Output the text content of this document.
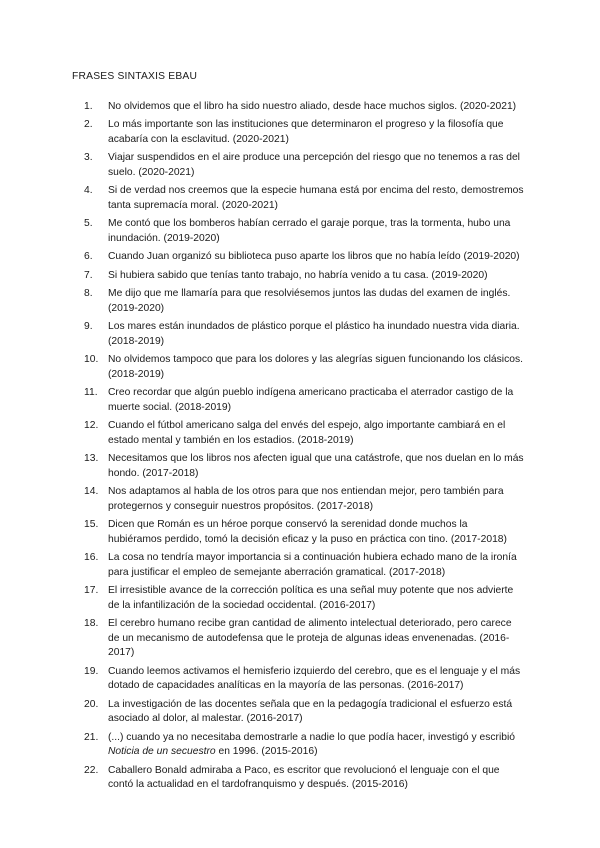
FRASES SINTAXIS EBAU
1.	No olvidemos que el libro ha sido nuestro aliado, desde hace muchos siglos. (2020-2021)
2.	Lo más importante son las instituciones que determinaron el progreso y la filosofía que acabaría con la esclavitud. (2020-2021)
3.	Viajar suspendidos en el aire produce una percepción del riesgo que no tenemos a ras del suelo. (2020-2021)
4.	Si de verdad nos creemos que la especie humana está por encima del resto, demostremos tanta supremacía moral. (2020-2021)
5.	Me contó que los bomberos habían cerrado el garaje porque, tras la tormenta, hubo una inundación. (2019-2020)
6.	Cuando Juan organizó su biblioteca puso aparte los libros que no había leído (2019-2020)
7.	Si hubiera sabido que tenías tanto trabajo, no habría venido a tu casa. (2019-2020)
8.	Me dijo que me llamaría para que resolviésemos juntos las dudas del examen de inglés. (2019-2020)
9.	Los mares están inundados de plástico porque el plástico ha inundado nuestra vida diaria. (2018-2019)
10. No olvidemos tampoco que para los dolores y las alegrías siguen funcionando los clásicos. (2018-2019)
11.	Creo recordar que algún pueblo indígena americano practicaba el aterrador castigo de la muerte social. (2018-2019)
12. Cuando el fútbol americano salga del envés del espejo, algo importante cambiará en el estado mental y también en los estadios. (2018-2019)
13. Necesitamos que los libros nos afecten igual que una catástrofe, que nos duelan en lo más hondo. (2017-2018)
14. Nos adaptamos al habla de los otros para que nos entiendan mejor, pero también para protegernos y conseguir nuestros propósitos. (2017-2018)
15. Dicen que Román es un héroe porque conservó la serenidad donde muchos la hubiéramos perdido, tomó la decisión eficaz y la puso en práctica con tino. (2017-2018)
16. La cosa no tendría mayor importancia si a continuación hubiera echado mano de la ironía para justificar el empleo de semejante aberración gramatical. (2017-2018)
17. El irresistible avance de la corrección política es una señal muy potente que nos advierte de la infantilización de la sociedad occidental. (2016-2017)
18. El cerebro humano recibe gran cantidad de alimento intelectual deteriorado, pero carece de un mecanismo de autodefensa que le proteja de algunas ideas envenenadas. (2016-2017)
19. Cuando leemos activamos el hemisferio izquierdo del cerebro, que es el lenguaje y el más dotado de capacidades analíticas en la mayoría de las personas. (2016-2017)
20. La investigación de las docentes señala que en la pedagogía tradicional el esfuerzo está asociado al dolor, al malestar. (2016-2017)
21. (...) cuando ya no necesitaba demostrarle a nadie lo que podía hacer, investigó y escribió Noticia de un secuestro en 1996. (2015-2016)
22. Caballero Bonald admiraba a Paco, es escritor que revolucionó el lenguaje con el que contó la actualidad en el tardofranquismo y después. (2015-2016)
